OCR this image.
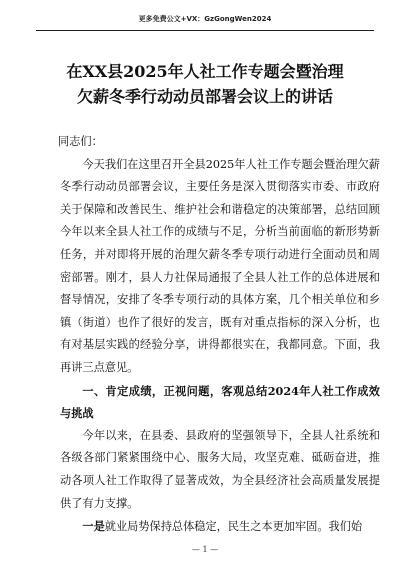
更多免费公文+VX：GzGongWen2024
在XX县2025年人社工作专题会暨治理
欠薪冬季行动动员部署会议上的讲话

同志们：

今天我们在这里召开全县2025年人社工作专题会暨治理欠薪冬季行动动员部署会议，主要任务是深入贯彻落实市委、市政府关于保障和改善民生、维护社会和谐稳定的决策部署，总结回顾今年以来全县人社工作的成绩与不足，分析当前面临的新形势新任务，并对即将开展的治理欠薪冬季专项行动进行全面动员和周密部署。刚才，县人力社保局通报了全县人社工作的总体进展和督导情况，安排了冬季专项行动的具体方案，几个相关单位和乡镇（街道）也作了很好的发言，既有对重点指标的深入分析，也有对基层实践的经验分享，讲得都很实在，我都同意。下面，我再讲三点意见。

一、肯定成绩，正视问题，客观总结2024年人社工作成效与挑战

今年以来，在县委、县政府的坚强领导下，全县人社系统和各级各部门紧紧围绕中心、服务大局，攻坚克难、砥砺奋进，推动各项人社工作取得了显著成效，为全县经济社会高质量发展提供了有力支撑。

一是就业局势保持总体稳定，民生之本更加牢固。我们始

— 1 —
